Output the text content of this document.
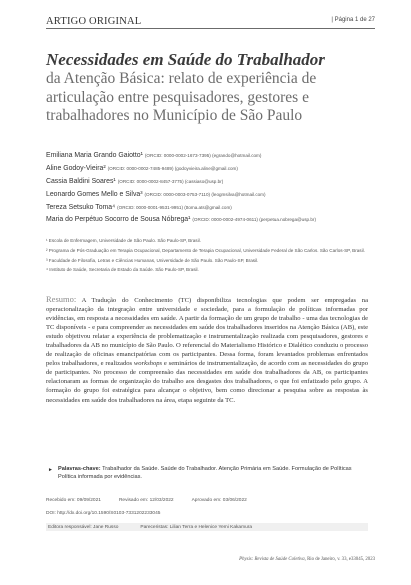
ARTIGO ORIGINAL	| Página 1 de 27
Necessidades em Saúde do Trabalhador
da Atenção Básica: relato de experiência de articulação entre pesquisadores, gestores e trabalhadores no Município de São Paulo
Emiliana Maria Grando Gaiotto¹ (ORCID: 0000-0002-1673-7395) (egrando@hotmail.com)
Aline Godoy-Vieira² (ORCID: 0000-0002-7485-9489) (godoyvieira.aline@gmail.com)
Cassia Baldini Soares¹ (ORCID: 0000-0002-8457-3775) (cassiaso@usp.br)
Leonardo Gomes Mello e Silva³ (ORCID: 0000-0003-0753-7110) (leogmsilva@hotmail.com)
Tereza Setsuko Toma⁴ (ORCID: 0000-0001-9531-9951) (ttoma.ats@gmail.com)
Maria do Perpétuo Socorro de Sousa Nóbrega¹ (ORCID: 0000-0002-4974-0611) (perpetua.nobrega@usp.br)
¹ Escola de Enfermagem, Universidade de São Paulo. São Paulo-SP, Brasil.
² Programa de Pós-Graduação em Terapia Ocupacional, Departamento de Terapia Ocupacional, Universidade Federal de São Carlos. São Carlos-SP, Brasil.
³ Faculdade de Filosofia, Letras e Ciências Humanas, Universidade de São Paulo. São Paulo-SP, Brasil.
⁴ Instituto de Saúde, Secretaria de Estado da Saúde. São Paulo-SP, Brasil.

Resumo: A Tradução do Conhecimento (TC) disponibiliza tecnologias que podem ser empregadas na operacionalização da integração entre universidade e sociedade, para a formulação de políticas informadas por evidências, em resposta a necessidades em saúde. A partir da formação de um grupo de trabalho - uma das tecnologias de TC disponíveis - e para compreender as necessidades em saúde dos trabalhadores inseridos na Atenção Básica (AB), este estudo objetivou relatar a experiência de problematização e instrumentalização realizada com pesquisadores, gestores e trabalhadores da AB no município de São Paulo. O referencial do Materialismo Histórico e Dialético conduziu o processo de realização de oficinas emancipatórias com os participantes. Dessa forma, foram levantados problemas enfrentados pelos trabalhadores, e realizados workshops e seminários de instrumentalização, de acordo com as necessidades do grupo de participantes. No processo de compreensão das necessidades em saúde dos trabalhadores da AB, os participantes relacionaram as formas de organização do trabalho aos desgastes dos trabalhadores, o que foi enfatizado pelo grupo. A formação do grupo foi estratégica para alcançar o objetivo, bem como direcionar a pesquisa sobre as respostas às necessidades em saúde dos trabalhadores na área, etapa seguinte da TC.

► Palavras-chave: Trabalhador da Saúde. Saúde do Trabalhador. Atenção Primária em Saúde. Formulação de Políticas Política informada por evidências.
Recebido em: 09/09/2021	Revisado em: 12/03/2022	Aprovado em: 03/06/2022
DOI: http://dx.doi.org/10.1590/S0103-7331202233045
Editora responsável: Jane Russo	Pareceristas: Lilian Terra e Helenice Yemi Kakamura
Physis: Revista de Saúde Coletiva, Rio de Janeiro, v. 33, e33045, 2023
